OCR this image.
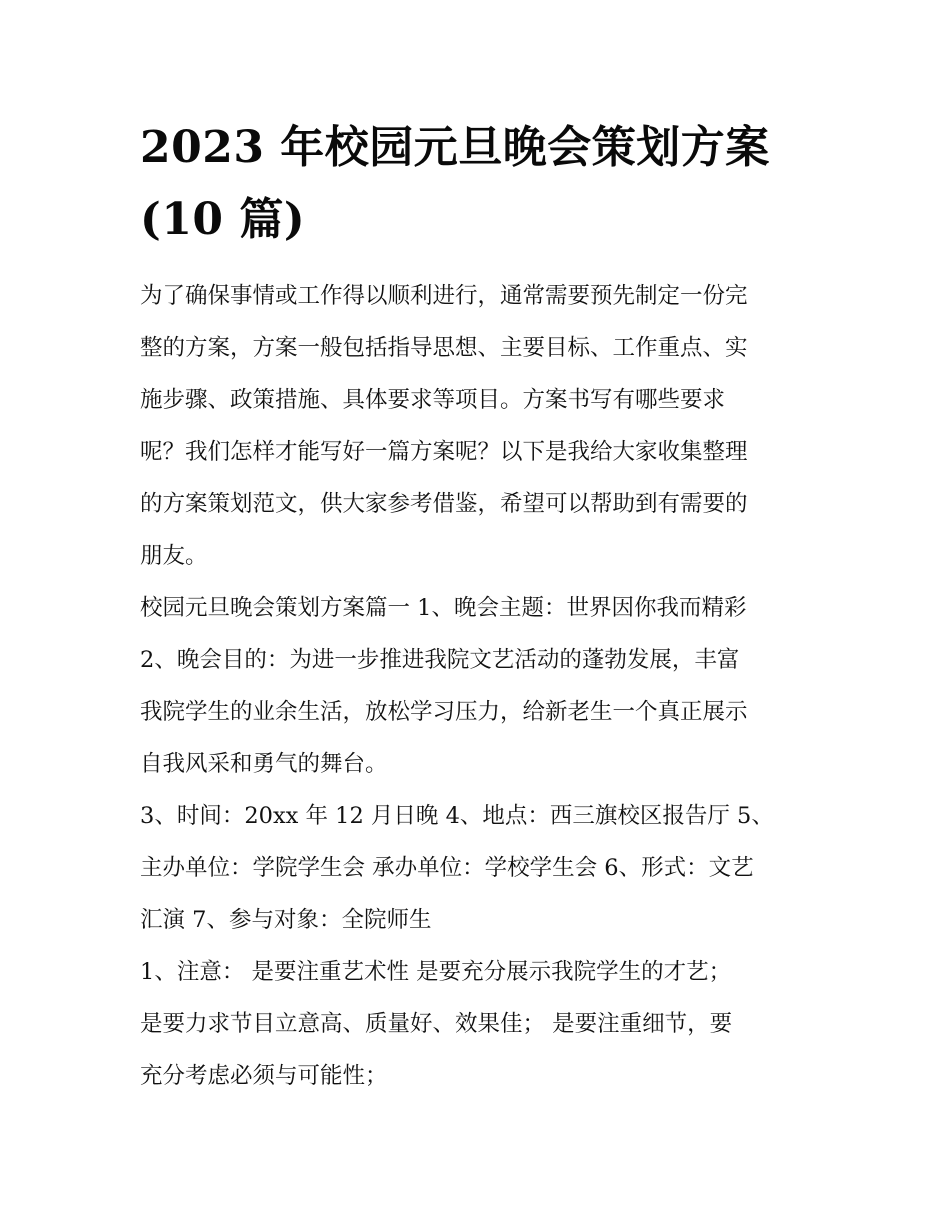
2023 年校园元旦晚会策划方案
(10 篇)

为了确保事情或工作得以顺利进行，通常需要预先制定一份完
整的方案，方案一般包括指导思想、主要目标、工作重点、实
施步骤、政策措施、具体要求等项目。方案书写有哪些要求
呢？我们怎样才能写好一篇方案呢？以下是我给大家收集整理
的方案策划范文，供大家参考借鉴，希望可以帮助到有需要的
朋友。

校园元旦晚会策划方案篇一 1、晚会主题：世界因你我而精彩
2、晚会目的：为进一步推进我院文艺活动的蓬勃发展，丰富
我院学生的业余生活，放松学习压力，给新老生一个真正展示
自我风采和勇气的舞台。

3、时间：20xx 年 12 月日晚 4、地点：西三旗校区报告厅 5、
主办单位：学院学生会 承办单位：学校学生会 6、形式：文艺
汇演 7、参与对象：全院师生

1、注意： 是要注重艺术性 是要充分展示我院学生的才艺；
是要力求节目立意高、质量好、效果佳； 是要注重细节，要
充分考虑必须与可能性；
